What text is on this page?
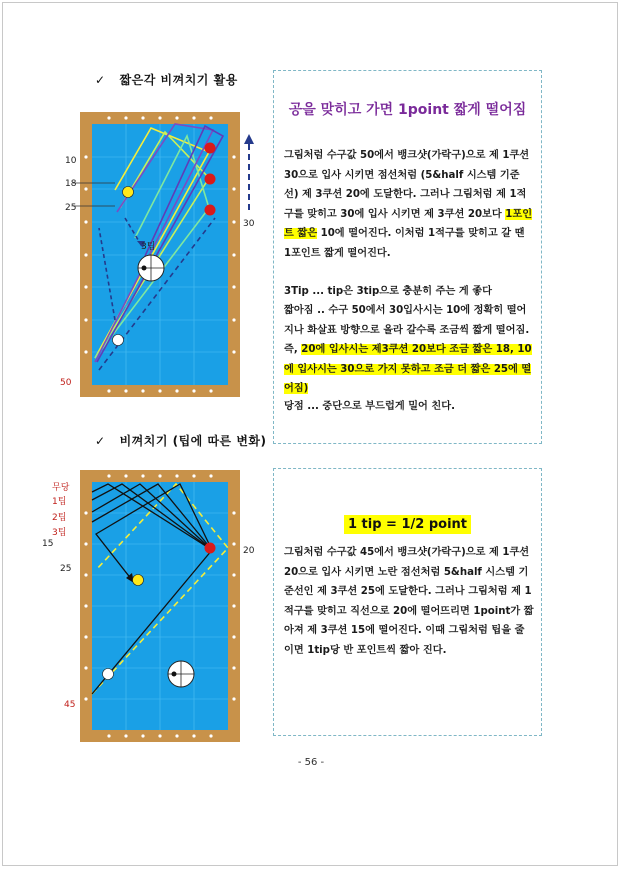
✓ 짧은각 비껴치기 활용
3팁
10
18
25
50
30
공을 맞히고 가면 1point 짧게 떨어짐
그림처럼 수구값 50에서 뱅크샷(가락구)으로 제 1쿠션 30으로 입사 시키면 점선처럼 (5&half 시스템 기준선) 제 3쿠션 20에 도달한다. 그러나 그림처럼 제 1적구를 맞히고 30에 입사 시키면 제 3쿠션 20보다 1포인트 짧은 10에 떨어진다. 이처럼 1적구를 맞히고 갈 땐 1포인트 짧게 떨어진다.
3Tip ... tip은 3tip으로 충분히 주는 게 좋다
짧아짐 .. 수구 50에서 30입사시는 10에 정확히 떨어지나 화살표 방향으로 올라 갈수록 조금씩 짧게 떨어짐. 즉, 20에 입사시는 제3쿠션 20보다 조금 짧은 18, 10에 입사시는 30으로 가지 못하고 조금 더 짧은 25에 떨어짐)
당점 ... 중단으로 부드럽게 밀어 친다.
✓ 비껴치기 (팁에 따른 변화)
무당
1팁
2팁
3팁
15
25
45
20
1 tip = 1/2 point
그림처럼 수구값 45에서 뱅크샷(가락구)으로 제 1쿠션 20으로 입사 시키면 노란 점선처럼 5&half 시스템 기준선인 제 3쿠션 25에 도달한다. 그러나 그림처럼 제 1적구를 맞히고 직선으로 20에 떨어뜨리면 1point가 짧아져 제 3쿠션 15에 떨어진다. 이때 그림처럼 팁을 줄이면 1tip당 반 포인트씩 짧아 진다.
- 56 -
